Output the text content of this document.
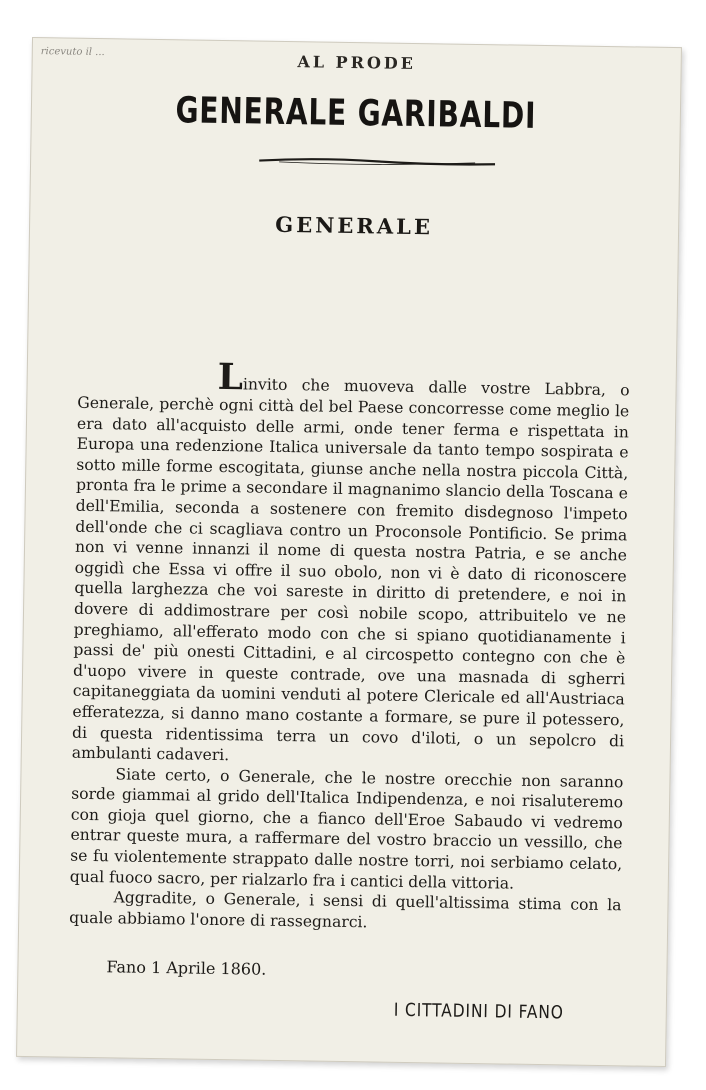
ricevuto il ...
AL PRODE
GENERALE GARIBALDI
GENERALE

Linvito che muoveva dalle vostre Labbra, o Generale, perchè ogni città del bel Paese concorresse come meglio le era dato all'acquisto delle armi, onde tener ferma e rispettata in Europa una redenzione Italica universale da tanto tempo sospirata e sotto mille forme escogitata, giunse anche nella nostra piccola Città, pronta fra le prime a secondare il magnanimo slancio della Toscana e dell'Emilia, seconda a sostenere con fremito disdegnoso l'impeto dell'onde che ci scagliava contro un Proconsole Pontificio. Se prima non vi venne innanzi il nome di questa nostra Patria, e se anche oggidì che Essa vi offre il suo obolo, non vi è dato di riconoscere quella larghezza che voi sareste in diritto di pretendere, e noi in dovere di addimostrare per così nobile scopo, attribuitelo ve ne preghiamo, all'efferato modo con che si spiano quotidianamente i passi de' più onesti Cittadini, e al circospetto contegno con che è d'uopo vivere in queste contrade, ove una masnada di sgherri capitaneggiata da uomini venduti al potere Clericale ed all'Austriaca efferatezza, si danno mano costante a formare, se pure il potessero, di questa ridentissima terra un covo d'iloti, o un sepolcro di ambulanti cadaveri.

Siate certo, o Generale, che le nostre orecchie non saranno sorde giammai al grido dell'Italica Indipendenza, e noi risaluteremo con gioja quel giorno, che a fianco dell'Eroe Sabaudo vi vedremo entrar queste mura, a raffermare del vostro braccio un vessillo, che se fu violentemente strappato dalle nostre torri, noi serbiamo celato, qual fuoco sacro, per rialzarlo fra i cantici della vittoria.

Aggradite, o Generale, i sensi di quell'altissima stima con la quale abbiamo l'onore di rassegnarci.

Fano 1 Aprile 1860.
I CITTADINI DI FANO
